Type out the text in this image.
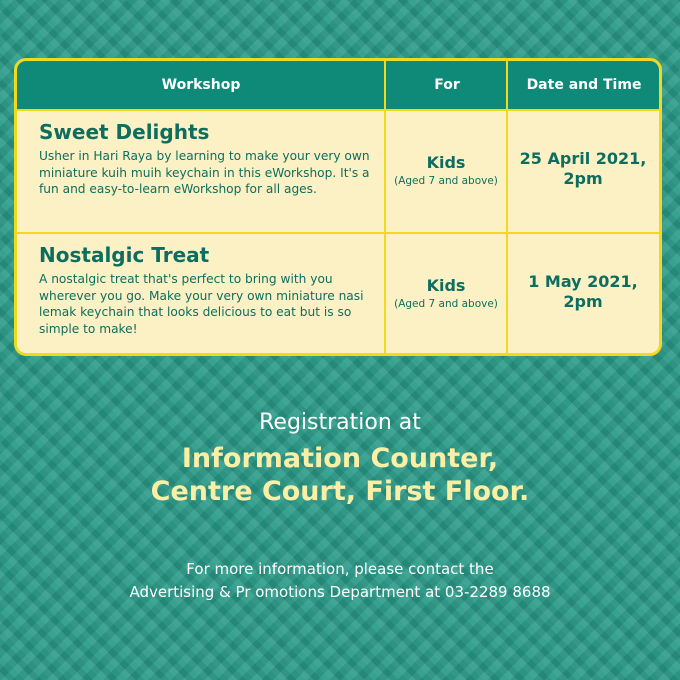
Workshop	For	Date and Time
Sweet Delights
Usher in Hari Raya by learning to make your very own miniature kuih muih keychain in this eWorkshop. It's a fun and easy-to-learn eWorkshop for all ages.
Kids
(Aged 7 and above)
25 April 2021,
2pm
Nostalgic Treat
A nostalgic treat that's perfect to bring with you wherever you go. Make your very own miniature nasi lemak keychain that looks delicious to eat but is so simple to make!
Kids
(Aged 7 and above)
1 May 2021,
2pm
Registration at
Information Counter,
Centre Court, First Floor.
For more information, please contact the
Advertising & Pr omotions Department at 03-2289 8688
